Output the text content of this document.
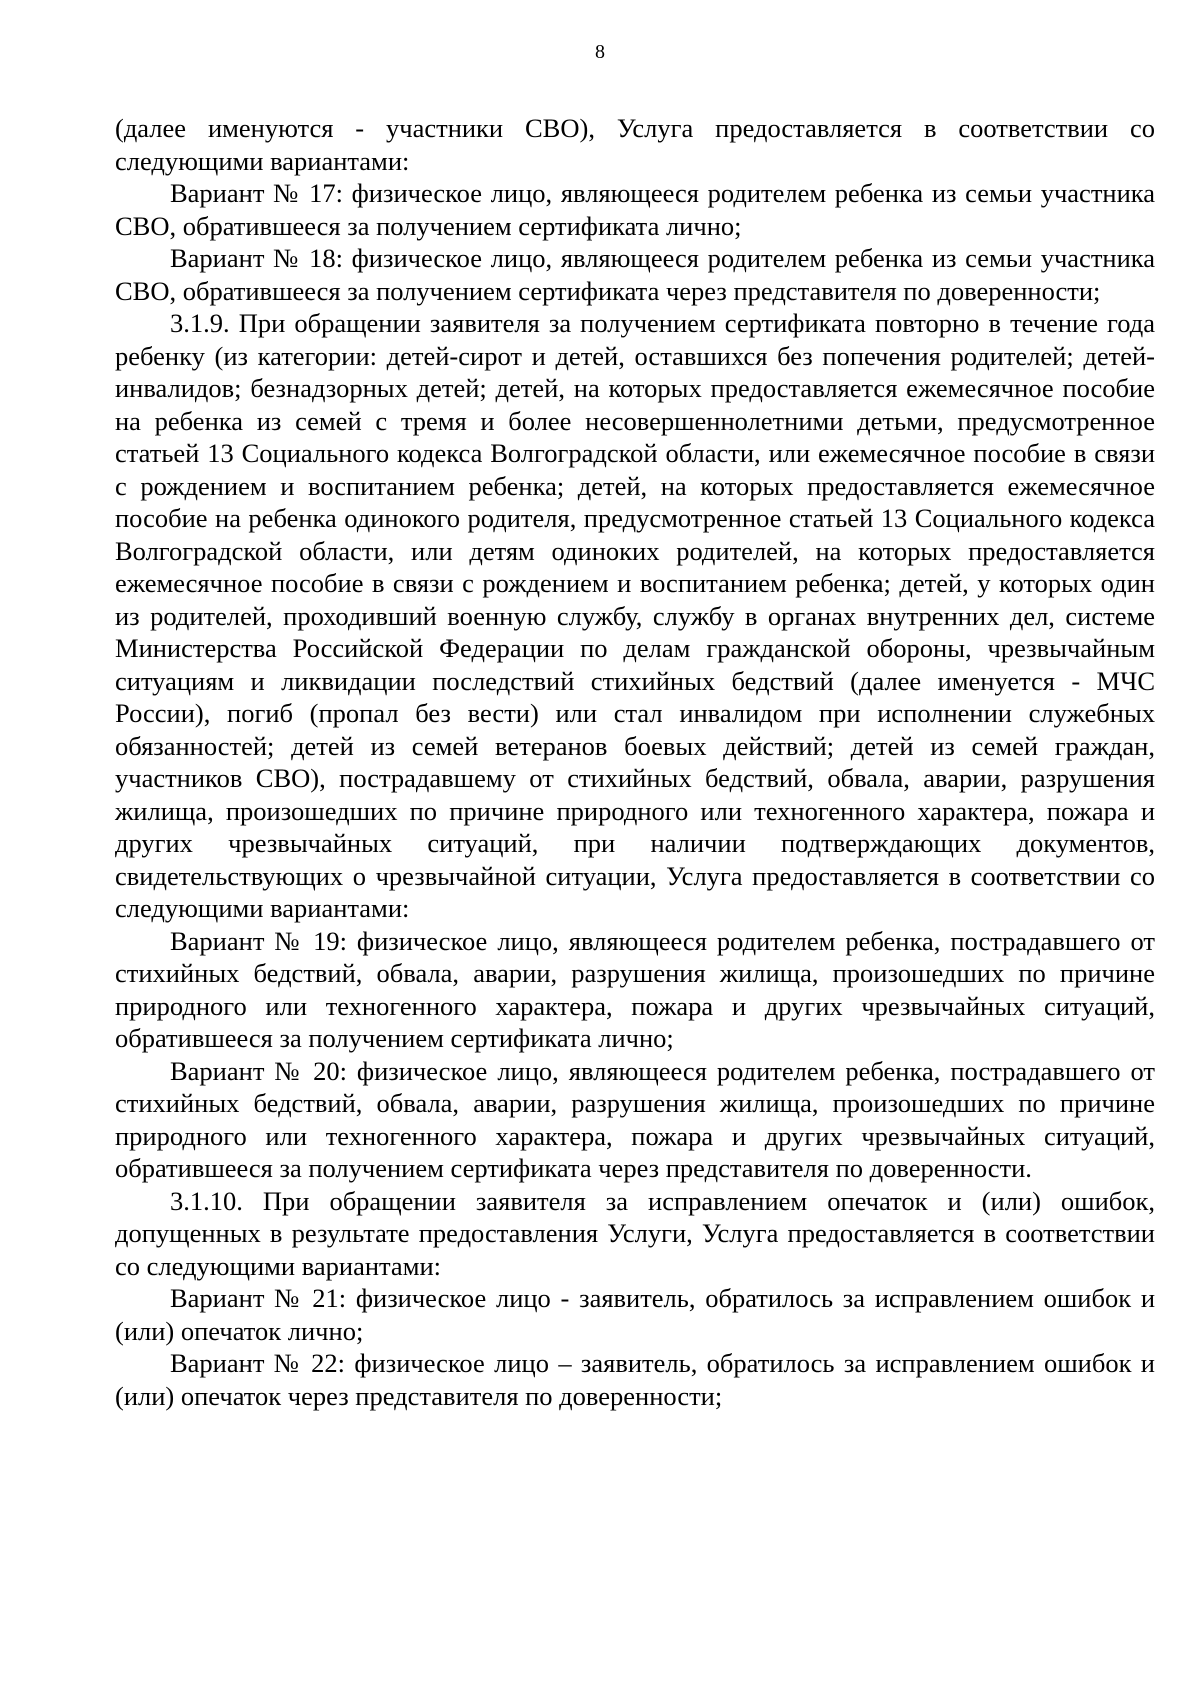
8

(далее именуются - участники СВО), Услуга предоставляется в соответствии со следующими вариантами:

Вариант № 17: физическое лицо, являющееся родителем ребенка из семьи участника СВО, обратившееся за получением сертификата лично;

Вариант № 18: физическое лицо, являющееся родителем ребенка из семьи участника СВО, обратившееся за получением сертификата через представителя по доверенности;

3.1.9. При обращении заявителя за получением сертификата повторно в течение года ребенку (из категории: детей-сирот и детей, оставшихся без попечения родителей; детей-инвалидов; безнадзорных детей; детей, на которых предоставляется ежемесячное пособие на ребенка из семей с тремя и более несовершеннолетними детьми, предусмотренное статьей 13 Социального кодекса Волгоградской области, или ежемесячное пособие в связи с рождением и воспитанием ребенка; детей, на которых предоставляется ежемесячное пособие на ребенка одинокого родителя, предусмотренное статьей 13 Социального кодекса Волгоградской области, или детям одиноких родителей, на которых предоставляется ежемесячное пособие в связи с рождением и воспитанием ребенка; детей, у которых один из родителей, проходивший военную службу, службу в органах внутренних дел, системе Министерства Российской Федерации по делам гражданской обороны, чрезвычайным ситуациям и ликвидации последствий стихийных бедствий (далее именуется - МЧС России), погиб (пропал без вести) или стал инвалидом при исполнении служебных обязанностей; детей из семей ветеранов боевых действий; детей из семей граждан, участников СВО), пострадавшему от стихийных бедствий, обвала, аварии, разрушения жилища, произошедших по причине природного или техногенного характера, пожара и других чрезвычайных ситуаций, при наличии подтверждающих документов, свидетельствующих о чрезвычайной ситуации, Услуга предоставляется в соответствии со следующими вариантами:

Вариант № 19: физическое лицо, являющееся родителем ребенка, пострадавшего от стихийных бедствий, обвала, аварии, разрушения жилища, произошедших по причине природного или техногенного характера, пожара и других чрезвычайных ситуаций, обратившееся за получением сертификата лично;

Вариант № 20: физическое лицо, являющееся родителем ребенка, пострадавшего от стихийных бедствий, обвала, аварии, разрушения жилища, произошедших по причине природного или техногенного характера, пожара и других чрезвычайных ситуаций, обратившееся за получением сертификата через представителя по доверенности.

3.1.10. При обращении заявителя за исправлением опечаток и (или) ошибок, допущенных в результате предоставления Услуги, Услуга предоставляется в соответствии со следующими вариантами:

Вариант № 21: физическое лицо - заявитель, обратилось за исправлением ошибок и (или) опечаток лично;

Вариант № 22: физическое лицо – заявитель, обратилось за исправлением ошибок и (или) опечаток через представителя по доверенности;
